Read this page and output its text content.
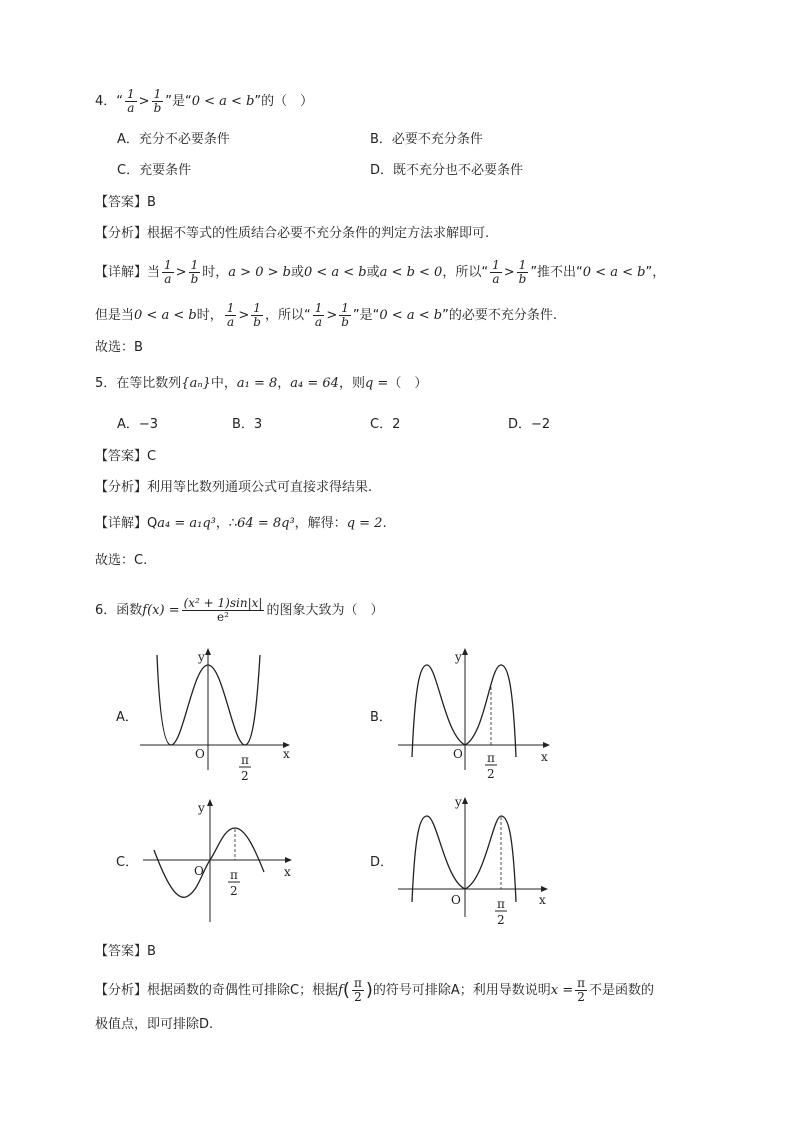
4．“ $\frac{1}{a} > \frac{1}{b}$ ”是“0 < a < b”的（　）
A．充分不必要条件	B．必要不充分条件
C．充要条件	D．既不充分也不必要条件
【答案】B
【分析】根据不等式的性质结合必要不充分条件的判定方法求解即可.
【详解】当 $\frac{1}{a} > \frac{1}{b}$ 时，a > 0 > b或0 < a < b或a < b < 0，所以“ $\frac{1}{a} > \frac{1}{b}$ ”推不出“0 < a < b”，
但是当0 < a < b时， $\frac{1}{a} > \frac{1}{b}$ ，所以“ $\frac{1}{a} > \frac{1}{b}$ ”是“0 < a < b”的必要不充分条件.
故选：B
5．在等比数列{aₙ}中，a₁ = 8，a₄ = 64，则q =（　）
A．−3	B．3	C．2	D．−2
【答案】C
【分析】利用等比数列通项公式可直接求得结果.
【详解】Qa₄ = a₁q³，∴64 = 8q³，解得：q = 2.
故选：C.
6．函数$f(x) = \frac{\text{(x² + 1)sin|x|}}{\text{e²}}$ 的图象大致为（　）
A．	B．
C．	D．
y
x
O	π
2
y
x
O π
2
y
x
O π
2
y
x
O	π
2
【答案】B
【分析】根据函数的奇偶性可排除C；根据$f( \frac{\pi}{2}$ )的符号可排除A；利用导数说明$x = \frac{\pi}{2}$ 不是函数的
极值点，即可排除D.
